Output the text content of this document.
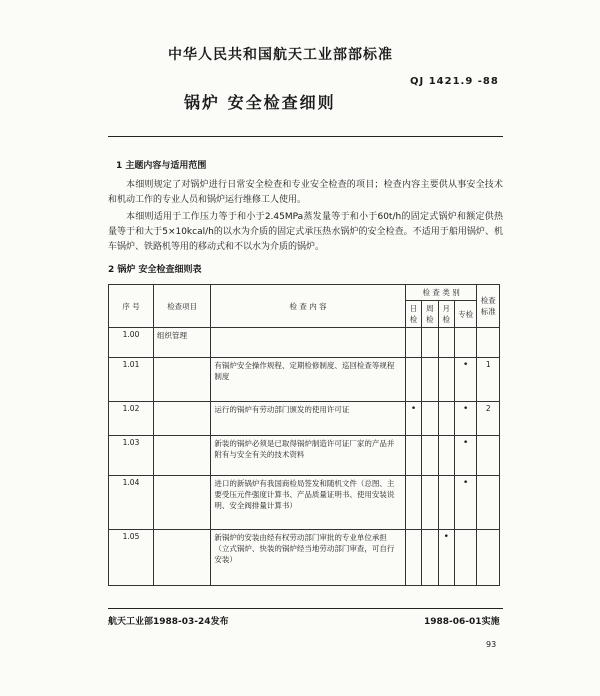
中华人民共和国航天工业部部标准
QJ 1421.9 -88
锅炉 安全检查细则
1 主题内容与适用范围
本细则规定了对锅炉进行日常安全检查和专业安全检查的项目；检查内容主要供从事安全技术和机动工作的专业人员和锅炉运行维修工人使用。
本细则适用于工作压力等于和小于2.45MPa蒸发量等于和小于60t/h的固定式锅炉和额定供热量等于和大于5×10kcal/h的以水为介质的固定式承压热水锅炉的安全检查。不适用于船用锅炉、机车锅炉、铁路机等用的移动式和不以水为介质的锅炉。
2 锅炉 安全检查细则表
序 号	检查项目	检 查 内 容	检 查 类 别				检查标准
			日检	周检	月检	专检	
1.00	组织管理						
1.01		有锅炉安全操作规程、定期检修制度、巡回检查等规程制度				•	1
1.02		运行的锅炉有劳动部门颁发的使用许可证	•			•	2
1.03		新装的锅炉必须是已取得锅炉制造许可证厂家的产品并附有与安全有关的技术资料				•	
1.04		进口的新锅炉有我国商检局签发和随机文件（总图、主要受压元件强度计算书、产品质量证明书、使用安装说明、安全阀排量计算书）				•	
1.05		新锅炉的安装由经有权劳动部门审批的专业单位承担（立式锅炉、快装的锅炉经当地劳动部门审查，可自行安装）			•		
航天工业部1988-03-24发布	1988-06-01实施
93
